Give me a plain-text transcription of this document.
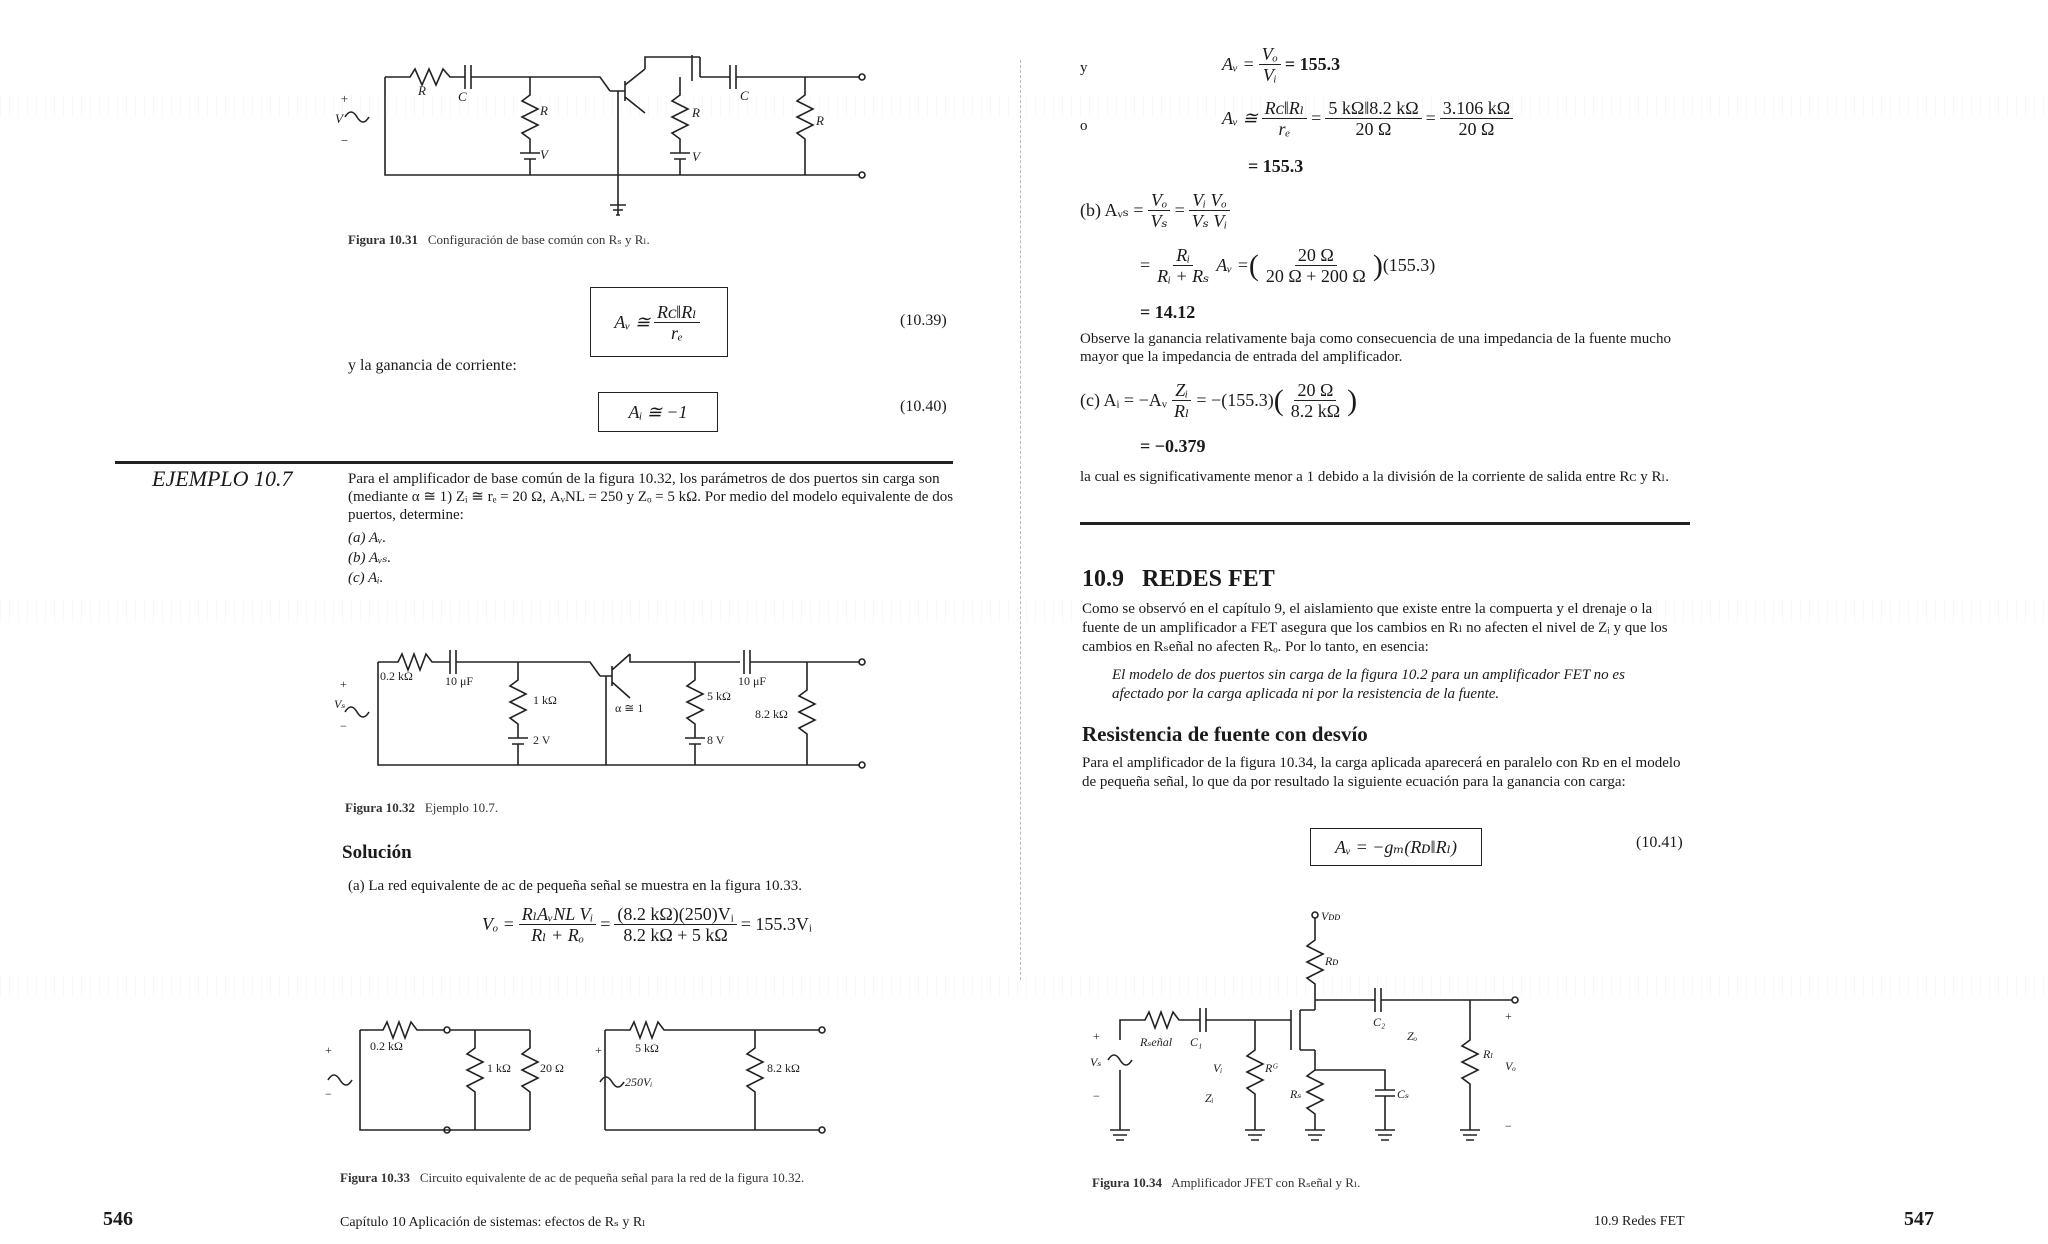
+
−
V
R C
R
V
R
V
C
R
Figura 10.31 Configuración de base común con Rₛ y Rₗ.
Aᵥ ≅ $\frac{\text{Rᴄ‖Rₗ}}{\text{rₑ}}$	(10.39)
y la ganancia de corriente:
Aᵢ ≅ −1	(10.40)
EJEMPLO 10.7	Para el amplificador de base común de la figura 10.32, los parámetros de dos puertos sin carga son (mediante α ≅ 1) Zᵢ ≅ rₑ = 20 Ω, AᵥNL = 250 y Zₒ = 5 kΩ. Por medio del modelo equivalente de dos puertos, determine:
(a) Aᵥ.
(b) Aᵥₛ.
(c) Aᵢ.
+
−
Vₛ
0.2 kΩ	10 μF
1 kΩ
2 V
α ≅ 1
5 kΩ
8 V
10 μF
8.2 kΩ
Figura 10.32 Ejemplo 10.7.
Solución
(a) La red equivalente de ac de pequeña señal se muestra en la figura 10.33.
$V_o = \frac{\text{RₗAᵥNL Vᵢ}}{\text{Rₗ + Rₒ}} = \frac{\text{(8.2 kΩ)(250)Vᵢ}}{8.2 k\Omega + 5 k\Omega}$ = 155.3Vᵢ
+
−
0.2 kΩ
1 kΩ 20 Ω
+
250Vᵢ
5 kΩ
8.2 kΩ
Figura 10.33 Circuito equivalente de ac de pequeña señal para la red de la figura 10.32.
546	Capítulo 10 Aplicación de sistemas: efectos de Rₛ y Rₗ
y	Aᵥ = $\frac{\text{Vₒ}}{\text{Vᵢ}} = 155.3$
o	Aᵥ ≅ $\frac{\text{Rᴄ‖Rₗ}}{\text{rₑ}} = \frac{5 k\Omega‖8.2 k\Omega}{20 \Omega} = \frac{3.106 k\Omega}{20 \Omega}$
= 155.3
(b) Aᵥₛ = $\frac{\text{Vₒ}}{\text{Vₛ}} = \frac{\text{Vᵢ Vₒ}}{\text{Vₛ Vᵢ}}$
= $\frac{\text{Rᵢ}}{\text{Rᵢ + Rₛ}}$ Aᵥ = ( $\frac{20 \Omega}{20 \Omega + 200 \Omega}$ ) (155.3)
= 14.12
Observe la ganancia relativamente baja como consecuencia de una impedancia de la fuente mucho mayor que la impedancia de entrada del amplificador.
(c) Aᵢ = −Aᵥ $\frac{\text{Zᵢ}}{\text{Rₗ}} = -(155.3)$ ( $\frac{20 \Omega}{8.2 k\Omega}$ )
= −0.379
la cual es significativamente menor a 1 debido a la división de la corriente de salida entre Rᴄ y Rₗ.
10.9 REDES FET
Como se observó en el capítulo 9, el aislamiento que existe entre la compuerta y el drenaje o la fuente de un amplificador a FET asegura que los cambios en Rₗ no afecten el nivel de Zᵢ y que los cambios en Rₛeñal no afecten Rₒ. Por lo tanto, en esencia:
El modelo de dos puertos sin carga de la figura 10.2 para un amplificador FET no es afectado por la carga aplicada ni por la resistencia de la fuente.
Resistencia de fuente con desvío
Para el amplificador de la figura 10.34, la carga aplicada aparecerá en paralelo con Rᴅ en el modelo de pequeña señal, lo que da por resultado la siguiente ecuación para la ganancia con carga:
Aᵥ = −gₘ(Rᴅ‖Rₗ)	(10.41)
Vᴅᴅ
Rᴅ
C₂
Rₛeñal C₁
Rᴳ
Rₛ	Cₛ
Rₗ
Vₒ
Vᵢ
Zᵢ
Zₒ
Vₛ
+
−
+
−
Figura 10.34 Amplificador JFET con Rₛeñal y Rₗ.
10.9 Redes FET	547
